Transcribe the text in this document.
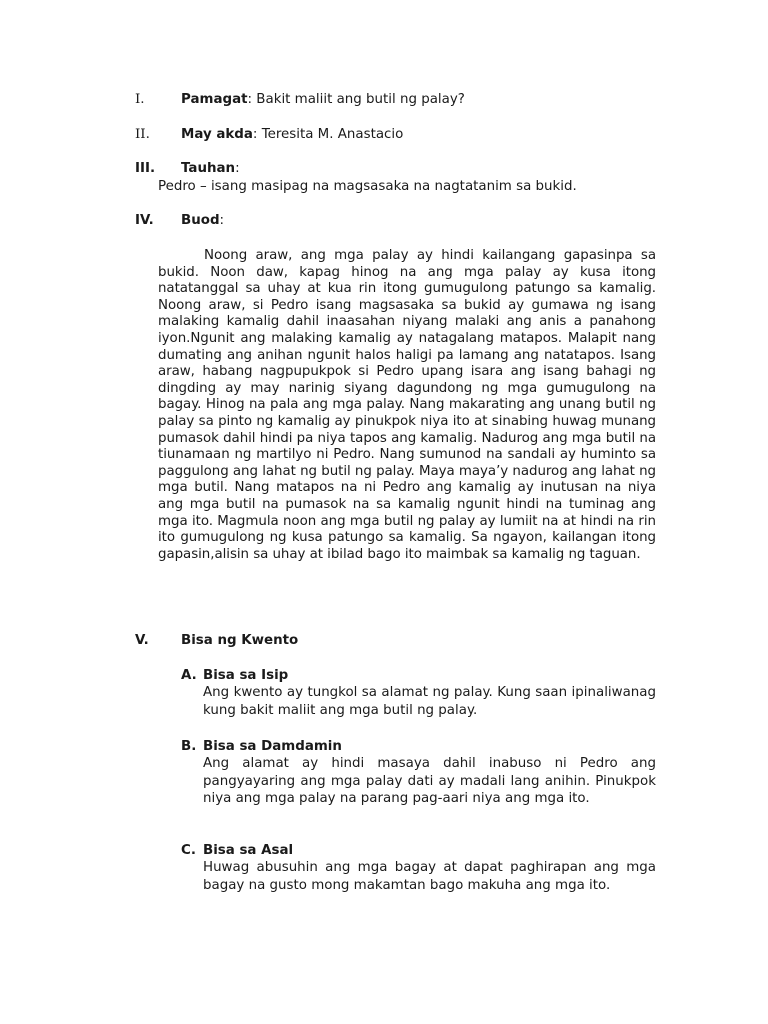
I.	Pamagat: Bakit maliit ang butil ng palay?
II.	May akda: Teresita M. Anastacio
III.	Tauhan:
Pedro – isang masipag na magsasaka na nagtatanim sa bukid.
IV.	Buod:

Noong araw, ang mga palay ay hindi kailangang gapasinpa sa bukid. Noon daw, kapag hinog na ang mga palay ay kusa itong natatanggal sa uhay at kua rin itong gumugulong patungo sa kamalig. Noong araw, si Pedro isang magsasaka sa bukid ay gumawa ng isang malaking kamalig dahil inaasahan niyang malaki ang anis a panahong iyon.Ngunit ang malaking kamalig ay natagalang matapos. Malapit nang dumating ang anihan ngunit halos haligi pa lamang ang natatapos. Isang araw, habang nagpupukpok si Pedro upang isara ang isang bahagi ng dingding ay may narinig siyang dagundong ng mga gumugulong na bagay. Hinog na pala ang mga palay. Nang makarating ang unang butil ng palay sa pinto ng kamalig ay pinukpok niya ito at sinabing huwag munang pumasok dahil hindi pa niya tapos ang kamalig. Nadurog ang mga butil na tiunamaan ng martilyo ni Pedro. Nang sumunod na sandali ay huminto sa paggulong ang lahat ng butil ng palay. Maya maya’y nadurog ang lahat ng mga butil. Nang matapos na ni Pedro ang kamalig ay inutusan na niya ang mga butil na pumasok na sa kamalig ngunit hindi na tuminag ang mga ito. Magmula noon ang mga butil ng palay ay lumiit na at hindi na rin ito gumugulong ng kusa patungo sa kamalig. Sa ngayon, kailangan itong gapasin,alisin sa uhay at ibilad bago ito maimbak sa kamalig ng taguan.

V.	Bisa ng Kwento
A. Bisa sa Isip
Ang kwento ay tungkol sa alamat ng palay. Kung saan ipinaliwanag kung bakit maliit ang mga butil ng palay.
B. Bisa sa Damdamin
Ang alamat ay hindi masaya dahil inabuso ni Pedro ang pangyayaring ang mga palay dati ay madali lang anihin. Pinukpok niya ang mga palay na parang pag-aari niya ang mga ito.
C. Bisa sa Asal
Huwag abusuhin ang mga bagay at dapat paghirapan ang mga bagay na gusto mong makamtan bago makuha ang mga ito.
